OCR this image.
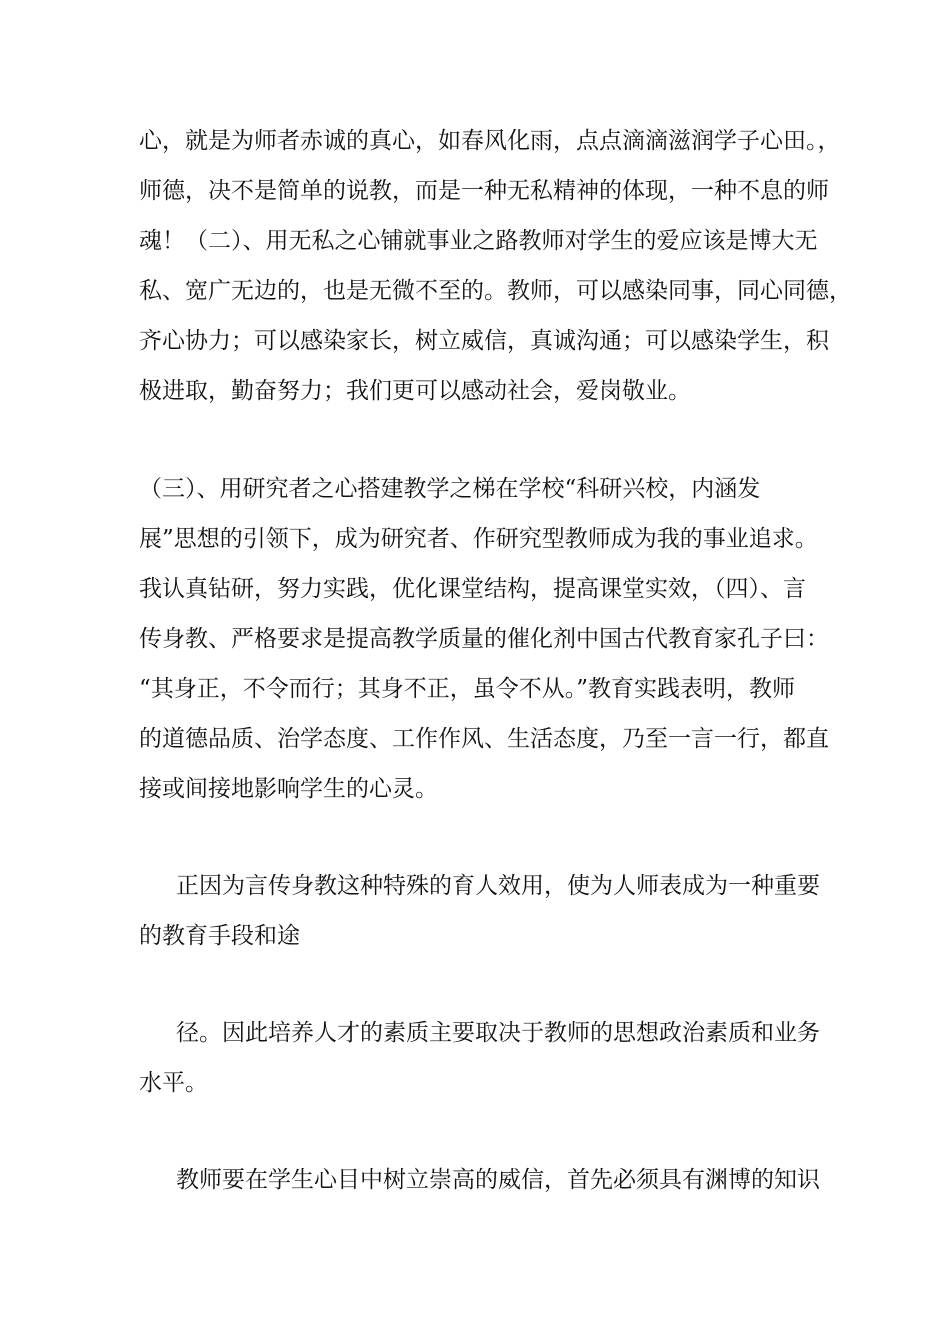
心，就是为师者赤诚的真心，如春风化雨，点点滴滴滋润学子心田。，
师德，决不是简单的说教，而是一种无私精神的体现，一种不息的师
魂！（二）、用无私之心铺就事业之路教师对学生的爱应该是博大无
私、宽广无边的，也是无微不至的。教师，可以感染同事，同心同德，
齐心协力；可以感染家长，树立威信，真诚沟通；可以感染学生，积
极进取，勤奋努力；我们更可以感动社会，爱岗敬业。
（三）、用研究者之心搭建教学之梯在学校“科研兴校，内涵发
展”思想的引领下，成为研究者、作研究型教师成为我的事业追求。
我认真钻研，努力实践，优化课堂结构，提高课堂实效，（四）、言
传身教、严格要求是提高教学质量的催化剂中国古代教育家孔子曰：
“其身正，不令而行；其身不正，虽令不从。”教育实践表明，教师
的道德品质、治学态度、工作作风、生活态度，乃至一言一行，都直
接或间接地影响学生的心灵。
正因为言传身教这种特殊的育人效用，使为人师表成为一种重要
的教育手段和途
径。因此培养人才的素质主要取决于教师的思想政治素质和业务
水平。
教师要在学生心目中树立崇高的威信，首先必须具有渊博的知识
